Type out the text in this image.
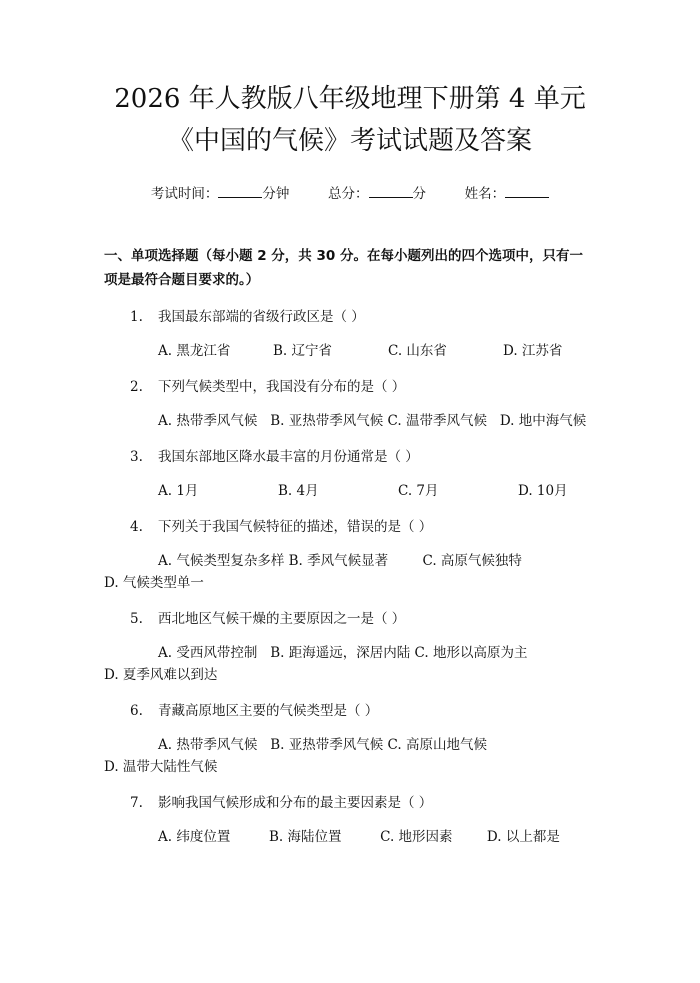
2026 年人教版八年级地理下册第 4 单元《中国的气候》考试试题及答案
考试时间：	分钟	总分：	分	姓名：
一、单项选择题（每小题 2 分，共 30 分。在每小题列出的四个选项中，只有一项是最符合题目要求的。）
1. 我国最东部端的省级行政区是（ ）
A. 黑龙江省	B. 辽宁省	C. 山东省	D. 江苏省
2. 下列气候类型中，我国没有分布的是（ ）
A. 热带季风气候 B. 亚热带季风气候 C. 温带季风气候 D. 地中海气候
3. 我国东部地区降水最丰富的月份通常是（ ）
A. 1月	B. 4月	C. 7月	D. 10月
4. 下列关于我国气候特征的描述，错误的是（ ）
A. 气候类型复杂多样 B. 季风气候显著	C. 高原气候独特        D. 气候类型单一
5. 西北地区气候干燥的主要原因之一是（ ）
A. 受西风带控制 B. 距海遥远，深居内陆 C. 地形以高原为主    D. 夏季风难以到达
6. 青藏高原地区主要的气候类型是（ ）
A. 热带季风气候 B. 亚热带季风气候 C. 高原山地气候   D. 温带大陆性气候
7. 影响我国气候形成和分布的最主要因素是（ ）
A. 纬度位置	B. 海陆位置	C. 地形因素	D. 以上都是
